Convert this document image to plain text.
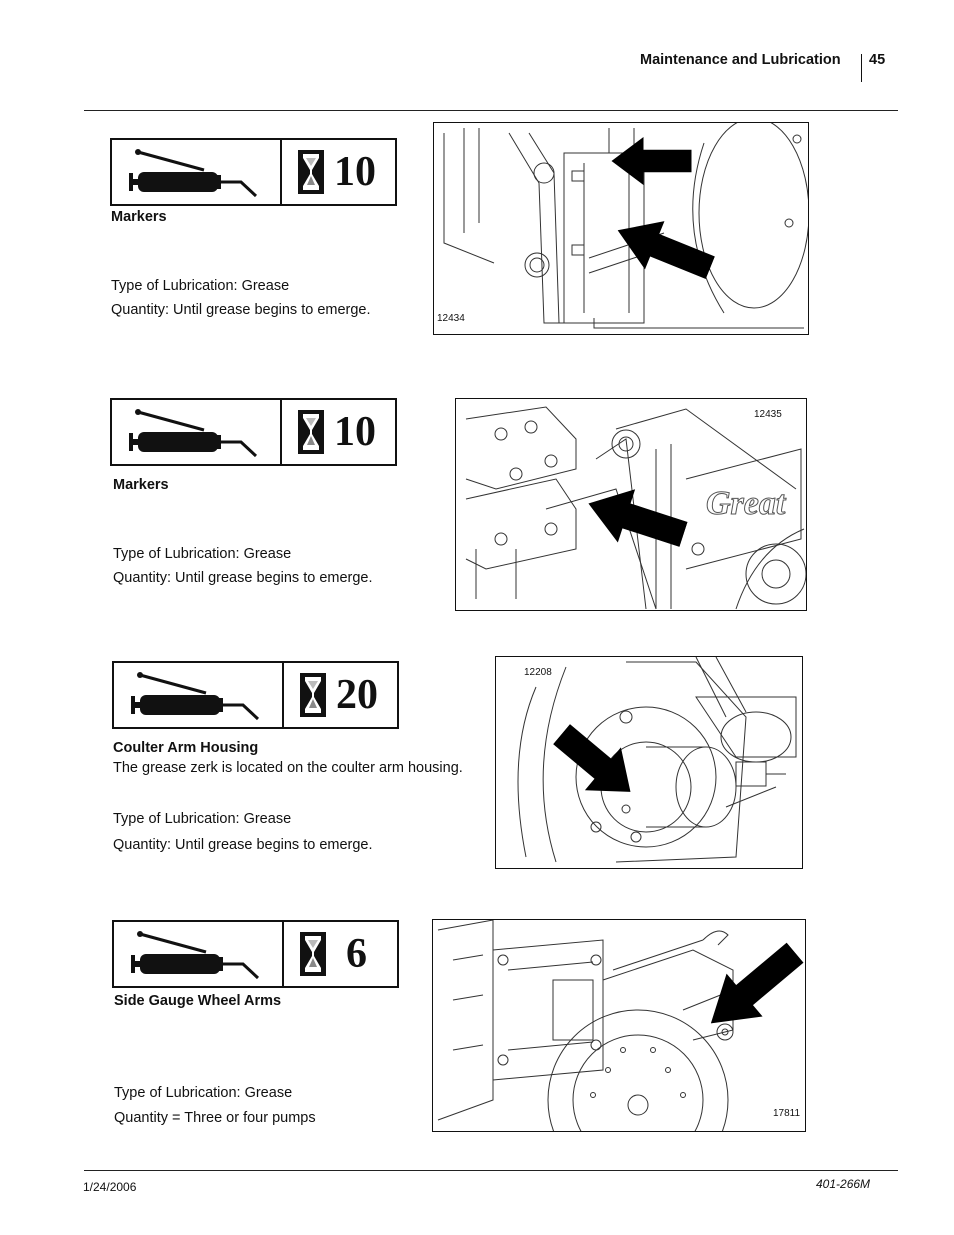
Maintenance and Lubrication 45
10
Markers
Type of Lubrication: Grease
Quantity: Until grease begins to emerge.
12434
10
Markers
Type of Lubrication: Grease
Quantity: Until grease begins to emerge.
Great
12435
20
Coulter Arm Housing
The grease zerk is located on the coulter arm housing.
Type of Lubrication: Grease
Quantity: Until grease begins to emerge.
12208
6
Side Gauge Wheel Arms
Type of Lubrication: Grease
Quantity = Three or four pumps	17811
1/24/2006	401-266M
